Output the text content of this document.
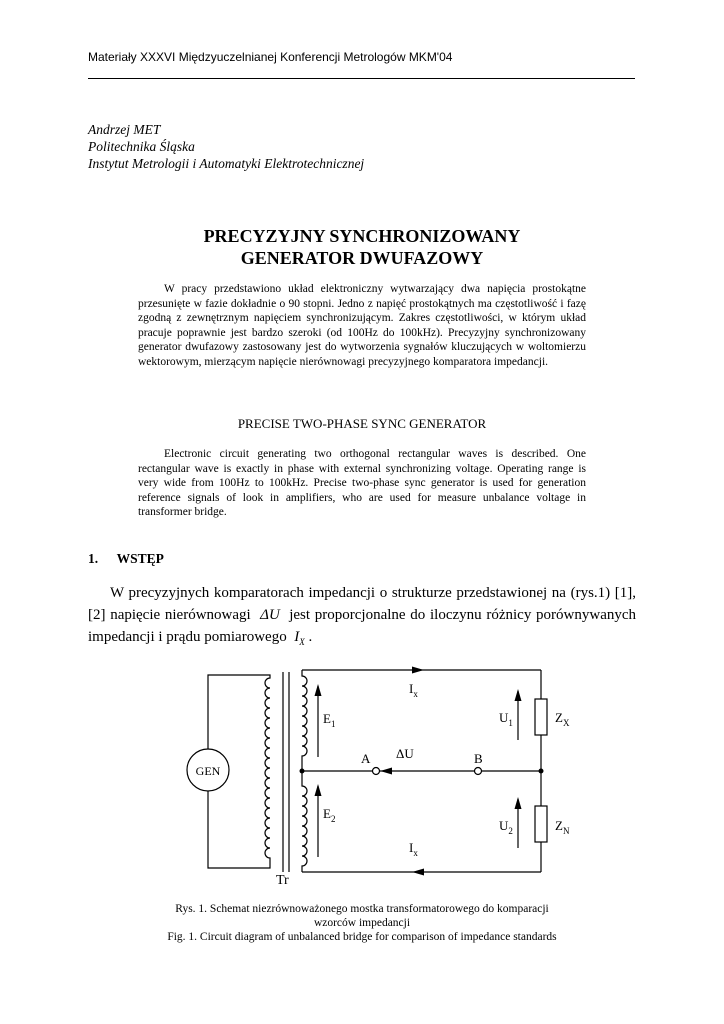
Materiały XXXVI Międzyuczelnianej Konferencji Metrologów MKM'04
Andrzej MET
Politechnika Śląska
Instytut Metrologii i Automatyki Elektrotechnicznej
PRECYZYJNY SYNCHRONIZOWANY
GENERATOR DWUFAZOWY
W pracy przedstawiono układ elektroniczny wytwarzający dwa napięcia prostokątne przesunięte w fazie dokładnie o 90 stopni. Jedno z napięć prostokątnych ma częstotliwość i fazę zgodną z zewnętrznym napięciem synchronizującym. Zakres częstotliwości, w którym układ pracuje poprawnie jest bardzo szeroki (od 100Hz do 100kHz). Precyzyjny synchronizowany generator dwufazowy zastosowany jest do wytworzenia sygnałów kluczujących w woltomierzu wektorowym, mierzącym napięcie nierównowagi precyzyjnego komparatora impedancji.
PRECISE TWO-PHASE SYNC GENERATOR
Electronic circuit generating two orthogonal rectangular waves is described. One rectangular wave is exactly in phase with external synchronizing voltage. Operating range is very wide from 100Hz to 100kHz. Precise two-phase sync generator is used for generation reference signals of look in amplifiers, who are used for measure unbalance voltage in transformer bridge.
1. WSTĘP
W precyzyjnych komparatorach impedancji o strukturze przedstawionej na (rys.1) [1], [2] napięcie nierównowagi ΔU jest proporcjonalne do iloczynu różnicy porównywanych impedancji i prądu pomiarowego $I_X$ .
GEN
Tr
$E_1$
$E_2$
$U_1$
$U_2$
$I_x$
$I_x$
$Z_X$
$Z_N$
A	B
ΔU
Rys. 1. Schemat niezrównoważonego mostka transformatorowego do komparacji
wzorców impedancji
Fig. 1. Circuit diagram of unbalanced bridge for comparison of impedance standards
